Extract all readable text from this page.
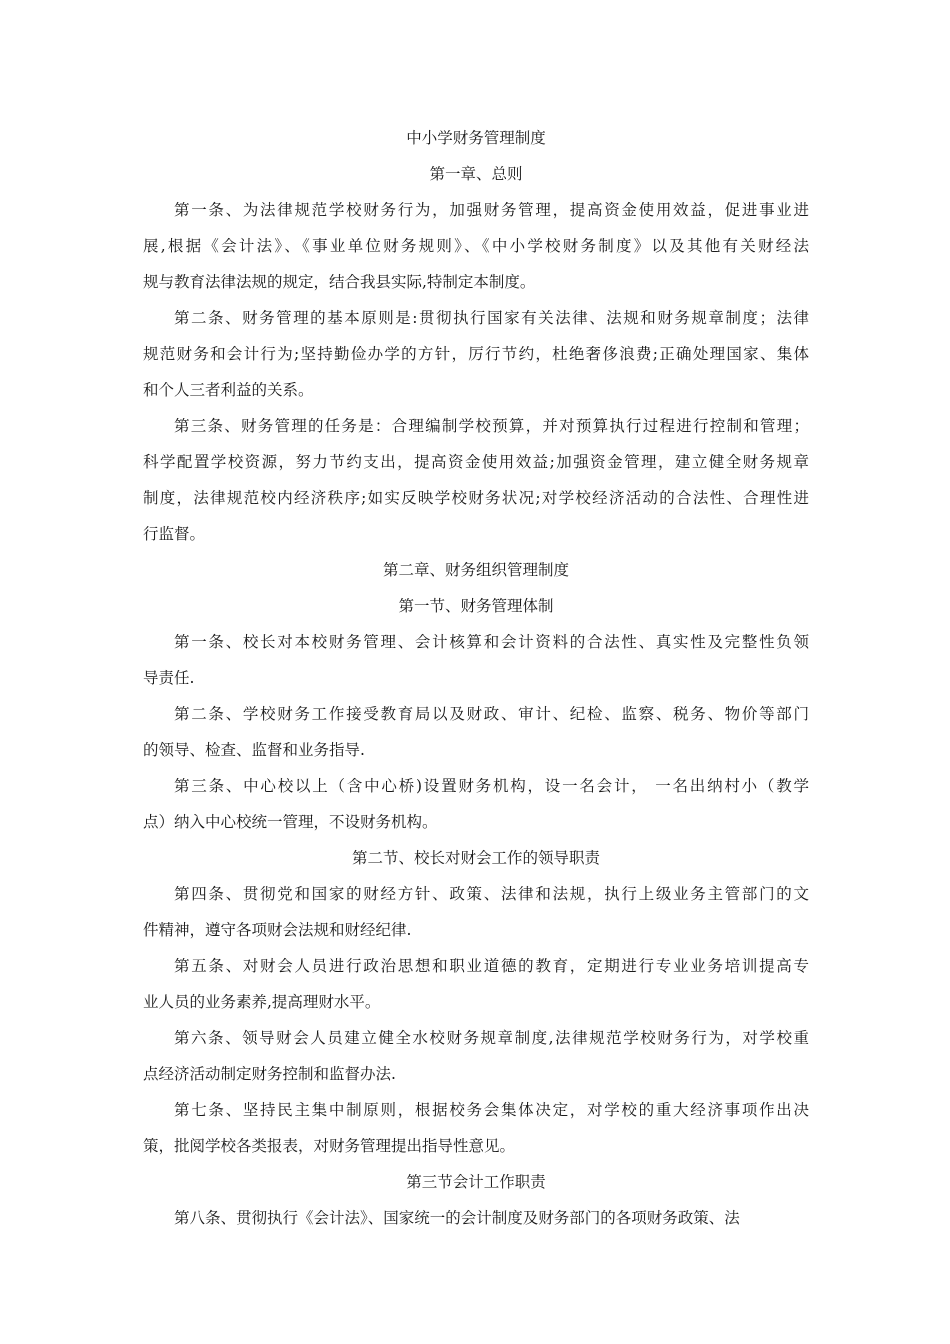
中小学财务管理制度

第一章、总则

第一条、为法律规范学校财务行为，加强财务管理，提高资金使用效益，促进事业进
展,根据《会计法》、《事业单位财务规则》、《中小学校财务制度》以及其他有关财经法
规与教育法律法规的规定，结合我县实际,特制定本制度。
第二条、财务管理的基本原则是:贯彻执行国家有关法律、法规和财务规章制度；法律
规范财务和会计行为;坚持勤俭办学的方针，厉行节约，杜绝奢侈浪费;正确处理国家、集体
和个人三者利益的关系。
第三条、财务管理的任务是：合理编制学校预算，并对预算执行过程进行控制和管理；
科学配置学校资源，努力节约支出，提高资金使用效益;加强资金管理，建立健全财务规章
制度，法律规范校内经济秩序;如实反映学校财务状况;对学校经济活动的合法性、合理性进
行监督。

第二章、财务组织管理制度

第一节、财务管理体制

第一条、校长对本校财务管理、会计核算和会计资料的合法性、真实性及完整性负领
导责任.
第二条、学校财务工作接受教育局以及财政、审计、纪检、监察、税务、物价等部门
的领导、检查、监督和业务指导.
第三条、中心校以上（含中心桥)设置财务机构，设一名会计， 一名出纳村小（教学
点）纳入中心校统一管理，不设财务机构。

第二节、校长对财会工作的领导职责

第四条、贯彻党和国家的财经方针、政策、法律和法规，执行上级业务主管部门的文
件精神，遵守各项财会法规和财经纪律.
第五条、对财会人员进行政治思想和职业道德的教育，定期进行专业业务培训提高专
业人员的业务素养,提高理财水平。
第六条、领导财会人员建立健全水校财务规章制度,法律规范学校财务行为，对学校重
点经济活动制定财务控制和监督办法.
第七条、坚持民主集中制原则，根据校务会集体决定，对学校的重大经济事项作出决
策，批阅学校各类报表，对财务管理提出指导性意见。

第三节会计工作职责

第八条、贯彻执行《会计法》、国家统一的会计制度及财务部门的各项财务政策、法
